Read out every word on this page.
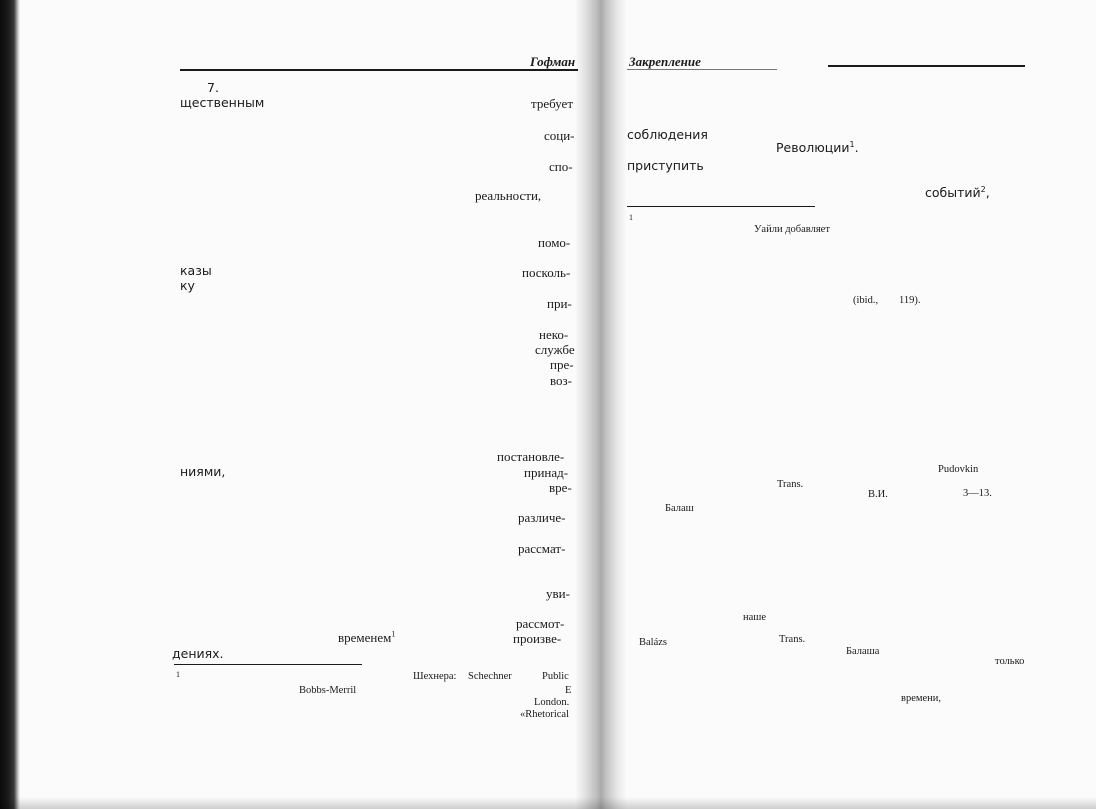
Гофман
7.
щественным	требует
соци-
спо-
реальности,
помо-
казы	посколь-
ку
при-
неко-
службе
пре-
воз-
постановле-
ниями,	принад-
вре-
различе-
рассмат-
уви-
рассмот-
временем$^1$	произве-
дениях.
1	Шехнера: Schechner	Public
E
Bobbs-Merril
London.
«Rhetorical
Закрепление
соблюдения
Революции$^1$.
приступить
событий$^2$,
1
Уайли добавляет
(ibid., 119).
Pudovkin
Trans.
В.И.	3—13.
Балаш
наше
Balázs	Trans.
Балаша
только
времени,
